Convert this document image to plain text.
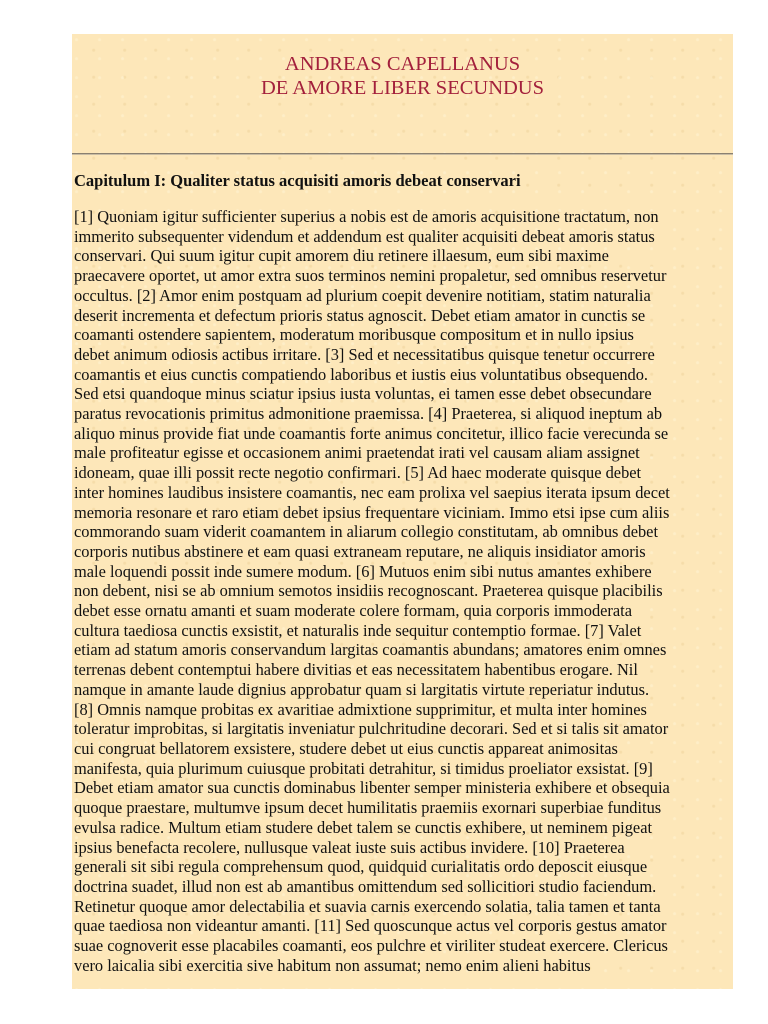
ANDREAS CAPELLANUS
DE AMORE LIBER SECUNDUS
Capitulum I: Qualiter status acquisiti amoris debeat conservari
[1] Quoniam igitur sufficienter superius a nobis est de amoris acquisitione tractatum, non
immerito subsequenter videndum et addendum est qualiter acquisiti debeat amoris status
conservari. Qui suum igitur cupit amorem diu retinere illaesum, eum sibi maxime
praecavere oportet, ut amor extra suos terminos nemini propaletur, sed omnibus reservetur
occultus. [2] Amor enim postquam ad plurium coepit devenire notitiam, statim naturalia
deserit incrementa et defectum prioris status agnoscit. Debet etiam amator in cunctis se
coamanti ostendere sapientem, moderatum moribusque compositum et in nullo ipsius
debet animum odiosis actibus irritare. [3] Sed et necessitatibus quisque tenetur occurrere
coamantis et eius cunctis compatiendo laboribus et iustis eius voluntatibus obsequendo.
Sed etsi quandoque minus sciatur ipsius iusta voluntas, ei tamen esse debet obsecundare
paratus revocationis primitus admonitione praemissa. [4] Praeterea, si aliquod ineptum ab
aliquo minus provide fiat unde coamantis forte animus concitetur, illico facie verecunda se
male profiteatur egisse et occasionem animi praetendat irati vel causam aliam assignet
idoneam, quae illi possit recte negotio confirmari. [5] Ad haec moderate quisque debet
inter homines laudibus insistere coamantis, nec eam prolixa vel saepius iterata ipsum decet
memoria resonare et raro etiam debet ipsius frequentare viciniam. Immo etsi ipse cum aliis
commorando suam viderit coamantem in aliarum collegio constitutam, ab omnibus debet
corporis nutibus abstinere et eam quasi extraneam reputare, ne aliquis insidiator amoris
male loquendi possit inde sumere modum. [6] Mutuos enim sibi nutus amantes exhibere
non debent, nisi se ab omnium semotos insidiis recognoscant. Praeterea quisque placibilis
debet esse ornatu amanti et suam moderate colere formam, quia corporis immoderata
cultura taediosa cunctis exsistit, et naturalis inde sequitur contemptio formae. [7] Valet
etiam ad statum amoris conservandum largitas coamantis abundans; amatores enim omnes
terrenas debent contemptui habere divitias et eas necessitatem habentibus erogare. Nil
namque in amante laude dignius approbatur quam si largitatis virtute reperiatur indutus.
[8] Omnis namque probitas ex avaritiae admixtione supprimitur, et multa inter homines
toleratur improbitas, si largitatis inveniatur pulchritudine decorari. Sed et si talis sit amator
cui congruat bellatorem exsistere, studere debet ut eius cunctis appareat animositas
manifesta, quia plurimum cuiusque probitati detrahitur, si timidus proeliator exsistat. [9]
Debet etiam amator sua cunctis dominabus libenter semper ministeria exhibere et obsequia
quoque praestare, multumve ipsum decet humilitatis praemiis exornari superbiae funditus
evulsa radice. Multum etiam studere debet talem se cunctis exhibere, ut neminem pigeat
ipsius benefacta recolere, nullusque valeat iuste suis actibus invidere. [10] Praeterea
generali sit sibi regula comprehensum quod, quidquid curialitatis ordo deposcit eiusque
doctrina suadet, illud non est ab amantibus omittendum sed sollicitiori studio faciendum.
Retinetur quoque amor delectabilia et suavia carnis exercendo solatia, talia tamen et tanta
quae taediosa non videantur amanti. [11] Sed quoscunque actus vel corporis gestus amator
suae cognoverit esse placabiles coamanti, eos pulchre et viriliter studeat exercere. Clericus
vero laicalia sibi exercitia sive habitum non assumat; nemo enim alieni habitus
